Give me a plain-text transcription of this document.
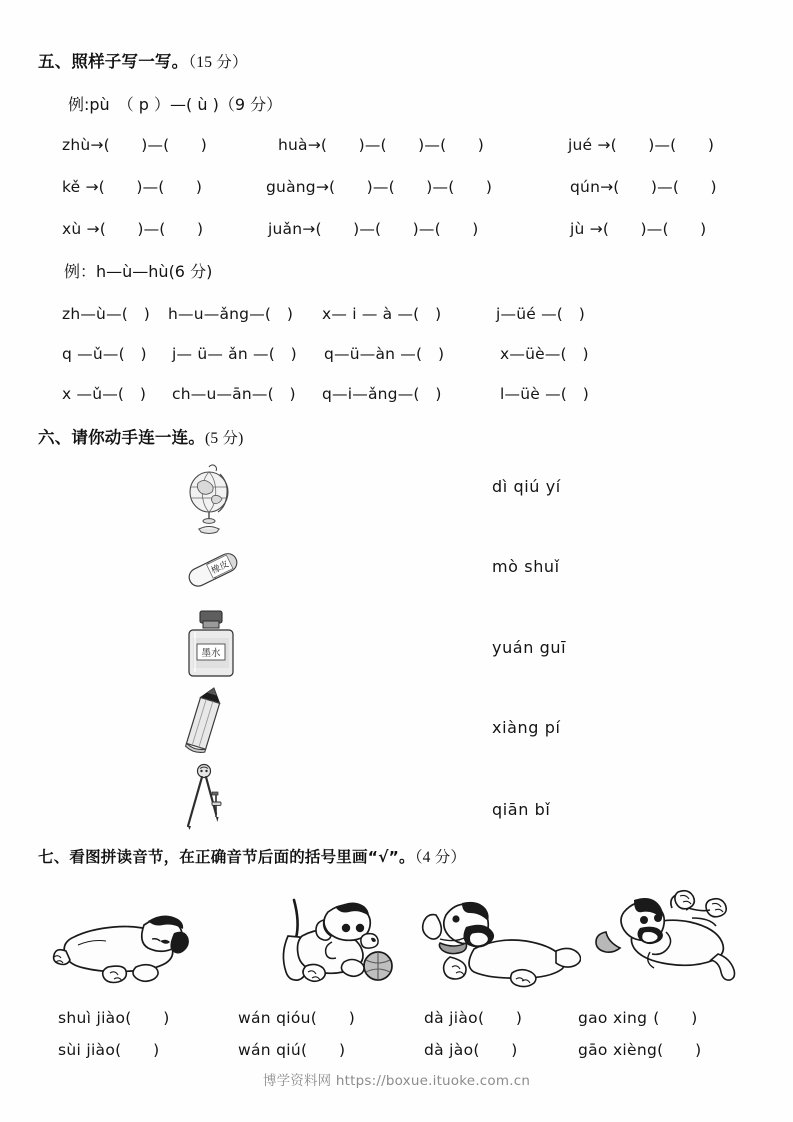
五、照样子写一写。（15 分）
例:pù　（ p ）—( ù )（9 分）
zhù→(　　)—(　　)	huà→(　　)—(　　)—(　　)	jué →(　　)—(　　)
kě →(　　)—(　　)	guàng→(　　)—(　　)—(　　)	qún→(　　)—(　　)
xù →(　　)—(　　)	juǎn→(　　)—(　　)—(　　)	jù →(　　)—(　　)
例：h—ù—hù(6 分)
zh—ù—(　) h—u—ǎng—(　) x— i — à —(　)	j—üé —(　)
q —ǔ—(　) j— ü— ǎn —(　) q—ü—àn —(　)	x—üè—(　)
x —ǔ—(　) ch—u—ān—(　) q—i—ǎng—(　)	l—üè —(　)
六、请你动手连一连。(5 分)
橡皮
墨水
dì qiú yí
mò shuǐ
yuán guī
xiàng pí
qiān bǐ
七、看图拼读音节，在正确音节后面的括号里画“√”。（4 分）
shuì jiào(　　)
sùi jiào(　　)
wán qióu(　　)
wán qiú(　　)
dà jiào(　　)
dà jào(　　)
gao xing (　　)
gāo xièng(　　)
博学资料网 https://boxue.ituoke.com.cn
